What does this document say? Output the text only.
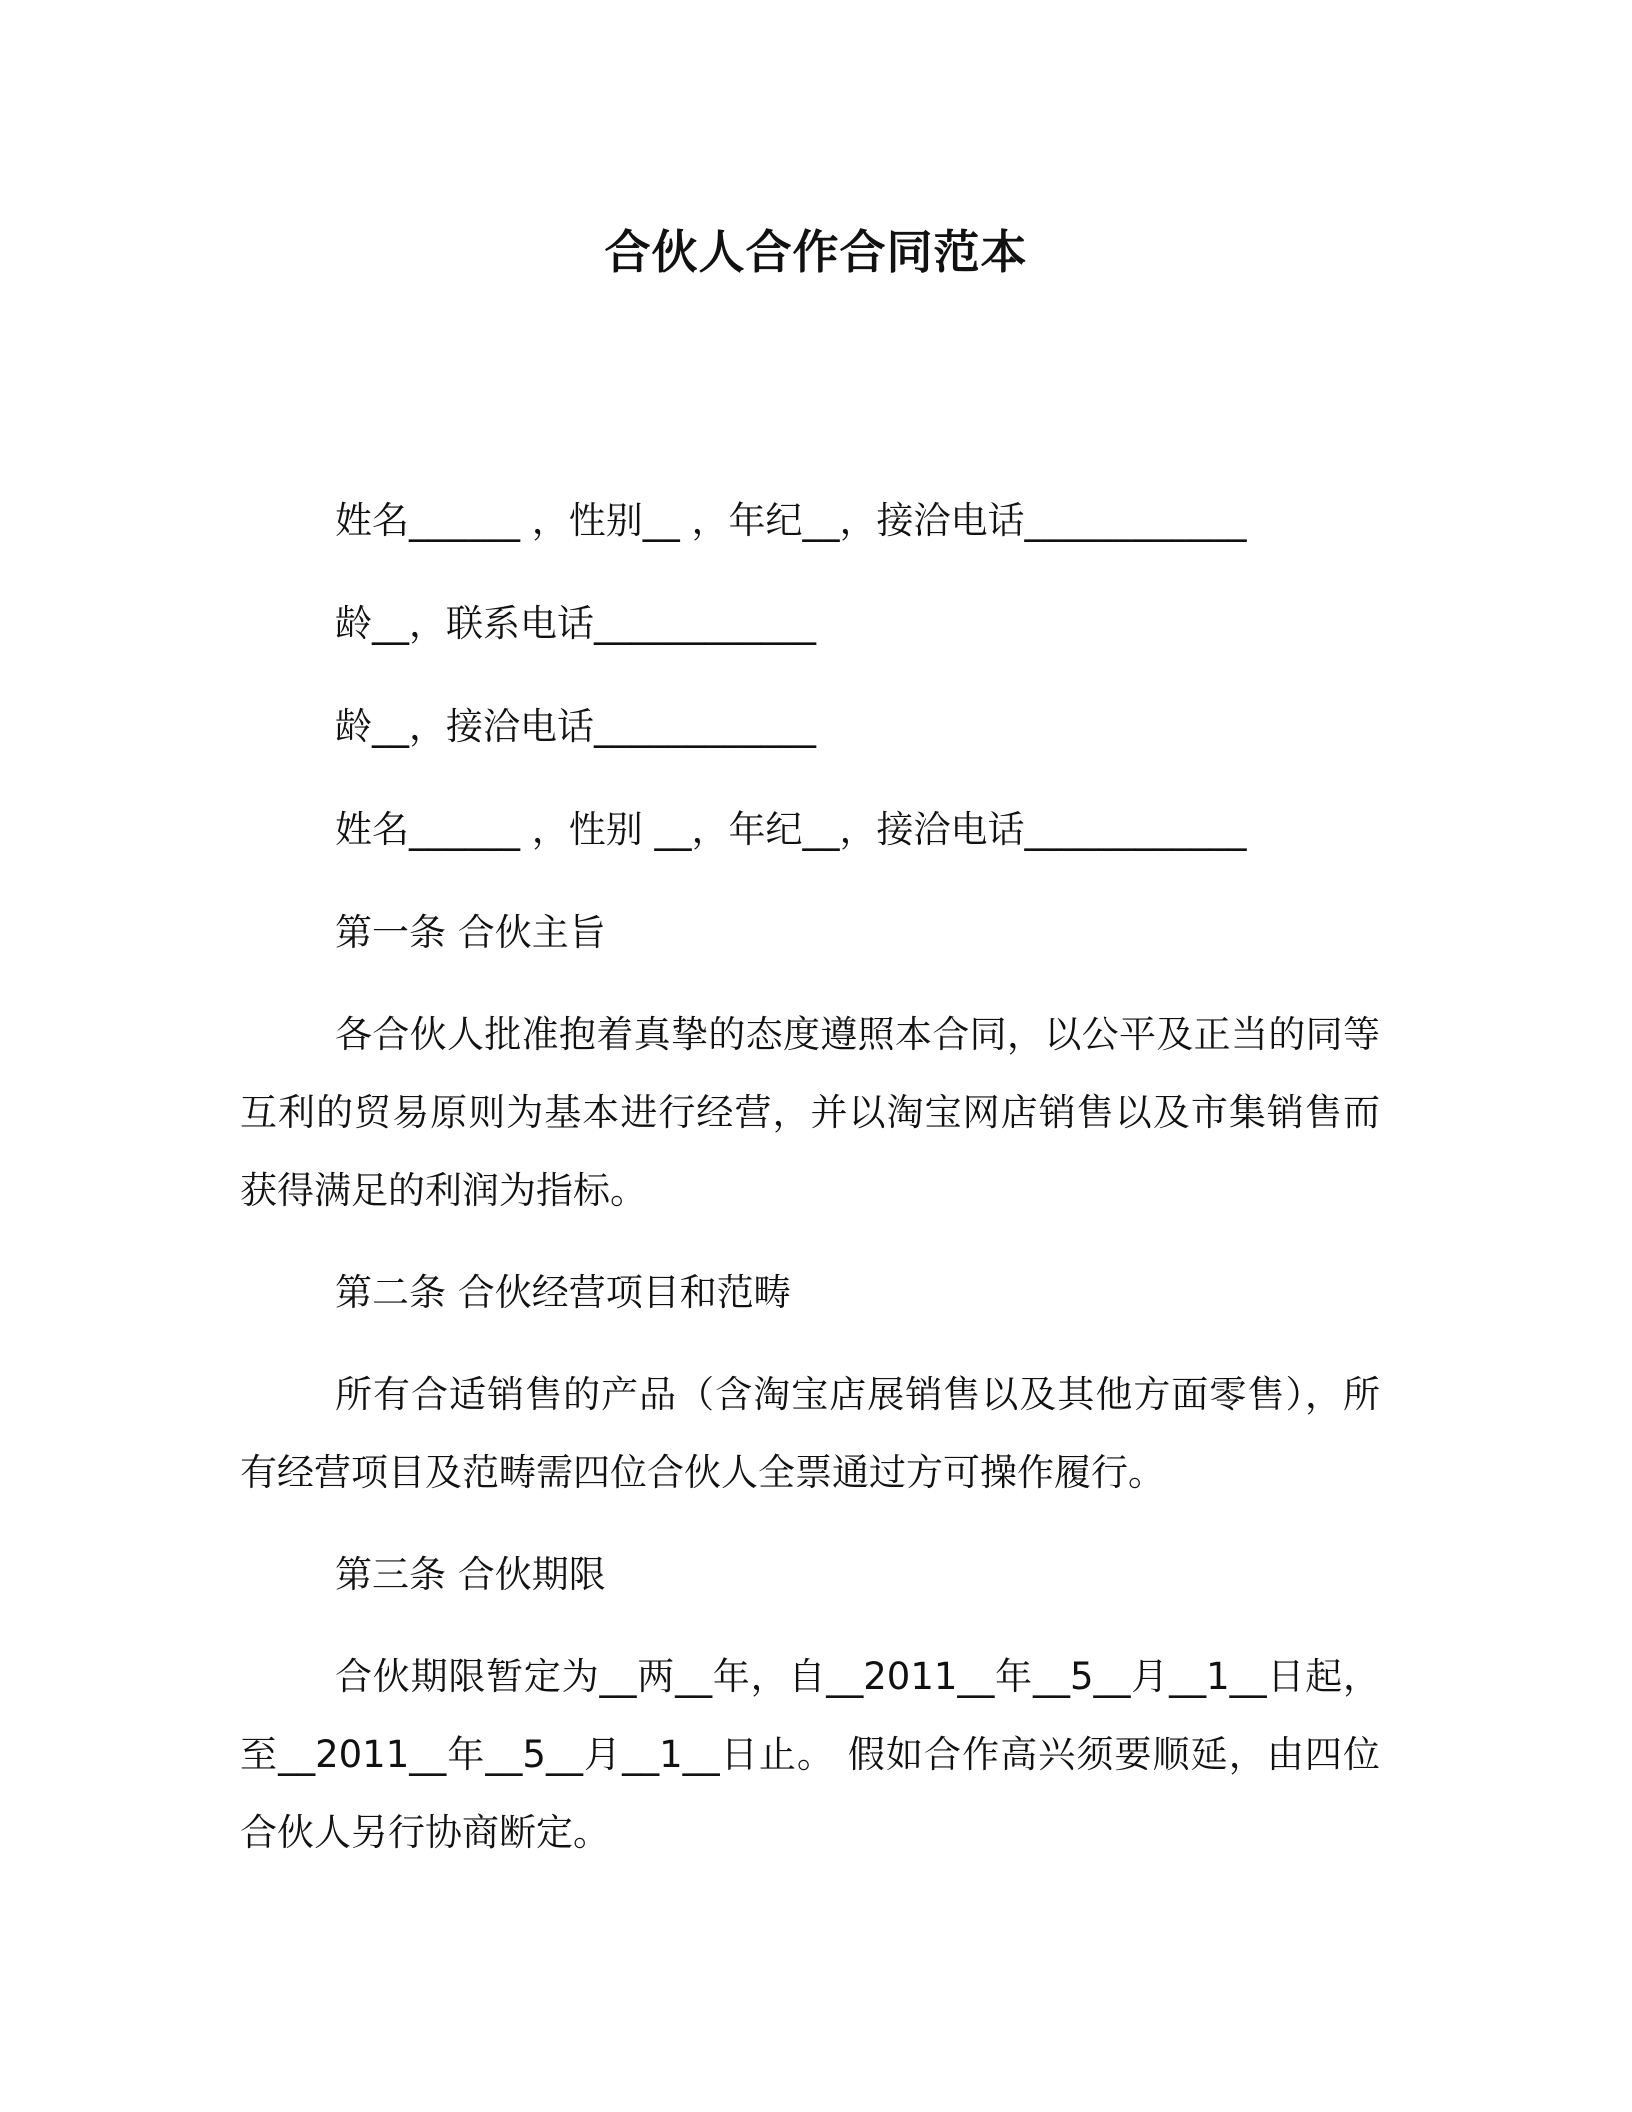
合伙人合作合同范本
姓名______ ，性别__ ，年纪__，接洽电话____________
龄__，联系电话____________
龄__，接洽电话____________
姓名______ ，性别 __，年纪__，接洽电话____________
第一条 合伙主旨
各合伙人批准抱着真挚的态度遵照本合同，以公平及正当的同等互利的贸易原则为基本进行经营，并以淘宝网店销售以及市集销售而获得满足的利润为指标。
第二条 合伙经营项目和范畴
所有合适销售的产品（含淘宝店展销售以及其他方面零售），所有经营项目及范畴需四位合伙人全票通过方可操作履行。
第三条 合伙期限
合伙期限暂定为__两__年，自__2011__年__5__月__1__日起，至__2011__年__5__月__1__日止。 假如合作高兴须要顺延，由四位合伙人另行协商断定。
